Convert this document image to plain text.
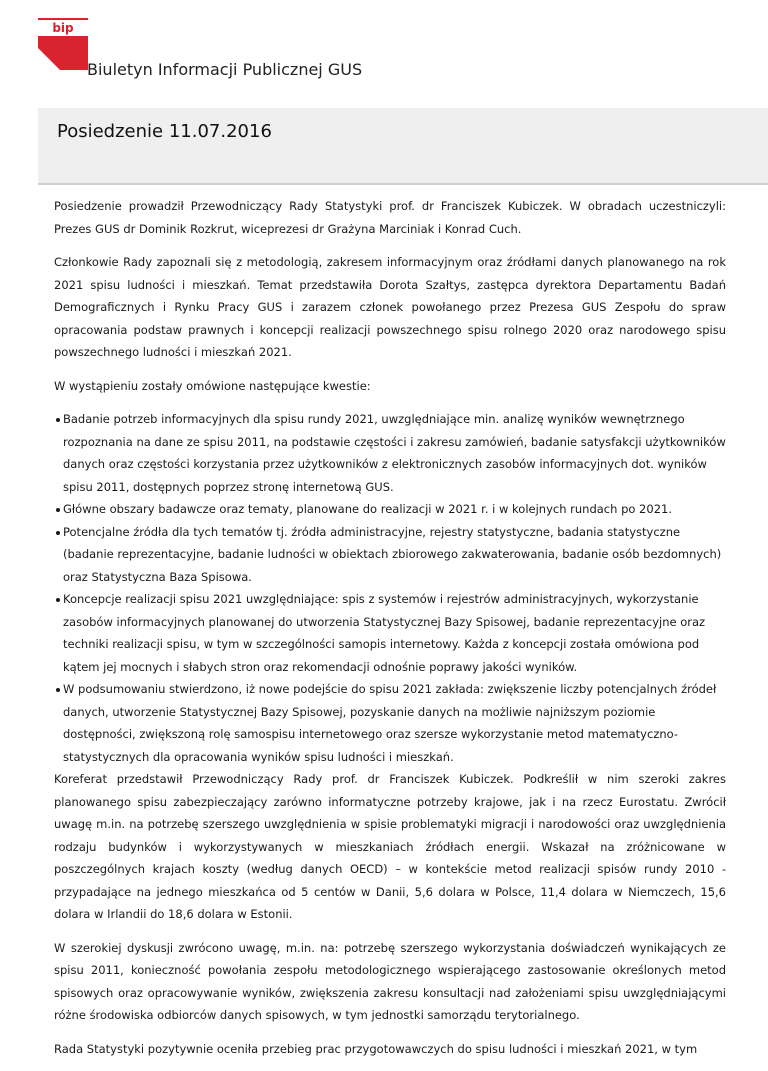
bip
Biuletyn Informacji Publicznej GUS
Posiedzenie 11.07.2016

Posiedzenie prowadził Przewodniczący Rady Statystyki prof. dr Franciszek Kubiczek. W obradach uczestniczyli: Prezes GUS dr Dominik Rozkrut, wiceprezesi dr Grażyna Marciniak i Konrad Cuch.

Członkowie Rady zapoznali się z metodologią, zakresem informacyjnym oraz źródłami danych planowanego na rok 2021 spisu ludności i mieszkań. Temat przedstawiła Dorota Szałtys, zastępca dyrektora Departamentu Badań Demograficznych i Rynku Pracy GUS i zarazem członek powołanego przez Prezesa GUS Zespołu do spraw opracowania podstaw prawnych i koncepcji realizacji powszechnego spisu rolnego 2020 oraz narodowego spisu powszechnego ludności i mieszkań 2021.

W wystąpieniu zostały omówione następujące kwestie:

Badanie potrzeb informacyjnych dla spisu rundy 2021, uwzględniające min. analizę wyników wewnętrznego rozpoznania na dane ze spisu 2011, na podstawie częstości i zakresu zamówień, badanie satysfakcji użytkowników danych oraz częstości korzystania przez użytkowników z elektronicznych zasobów informacyjnych dot. wyników spisu 2011, dostępnych poprzez stronę internetową GUS.
Główne obszary badawcze oraz tematy, planowane do realizacji w 2021 r. i w kolejnych rundach po 2021.
Potencjalne źródła dla tych tematów tj. źródła administracyjne, rejestry statystyczne, badania statystyczne (badanie reprezentacyjne, badanie ludności w obiektach zbiorowego zakwaterowania, badanie osób bezdomnych) oraz Statystyczna Baza Spisowa.
Koncepcje realizacji spisu 2021 uwzględniające: spis z systemów i rejestrów administracyjnych, wykorzystanie zasobów informacyjnych planowanej do utworzenia Statystycznej Bazy Spisowej, badanie reprezentacyjne oraz techniki realizacji spisu, w tym w szczególności samopis internetowy. Każda z koncepcji została omówiona pod kątem jej mocnych i słabych stron oraz rekomendacji odnośnie poprawy jakości wyników.
W podsumowaniu stwierdzono, iż nowe podejście do spisu 2021 zakłada: zwiększenie liczby potencjalnych źródeł danych, utworzenie Statystycznej Bazy Spisowej, pozyskanie danych na możliwie najniższym poziomie dostępności, zwiększoną rolę samospisu internetowego oraz szersze wykorzystanie metod matematyczno-statystycznych dla opracowania wyników spisu ludności i mieszkań.

Koreferat przedstawił Przewodniczący Rady prof. dr Franciszek Kubiczek. Podkreślił w nim szeroki zakres planowanego spisu zabezpieczający zarówno informatyczne potrzeby krajowe, jak i na rzecz Eurostatu. Zwrócił uwagę m.in. na potrzebę szerszego uwzględnienia w spisie problematyki migracji i narodowości oraz uwzględnienia rodzaju budynków i wykorzystywanych w mieszkaniach źródłach energii. Wskazał na zróżnicowane w poszczególnych krajach koszty (według danych OECD) – w kontekście metod realizacji spisów rundy 2010 - przypadające na jednego mieszkańca od 5 centów w Danii, 5,6 dolara w Polsce, 11,4 dolara w Niemczech, 15,6 dolara w Irlandii do 18,6 dolara w Estonii.

W szerokiej dyskusji zwrócono uwagę, m.in. na: potrzebę szerszego wykorzystania doświadczeń wynikających ze spisu 2011, konieczność powołania zespołu metodologicznego wspierającego zastosowanie określonych metod spisowych oraz opracowywanie wyników, zwiększenia zakresu konsultacji nad założeniami spisu uwzględniającymi różne środowiska odbiorców danych spisowych, w tym jednostki samorządu terytorialnego.

Rada Statystyki pozytywnie oceniła przebieg prac przygotowawczych do spisu ludności i mieszkań 2021, w tym
